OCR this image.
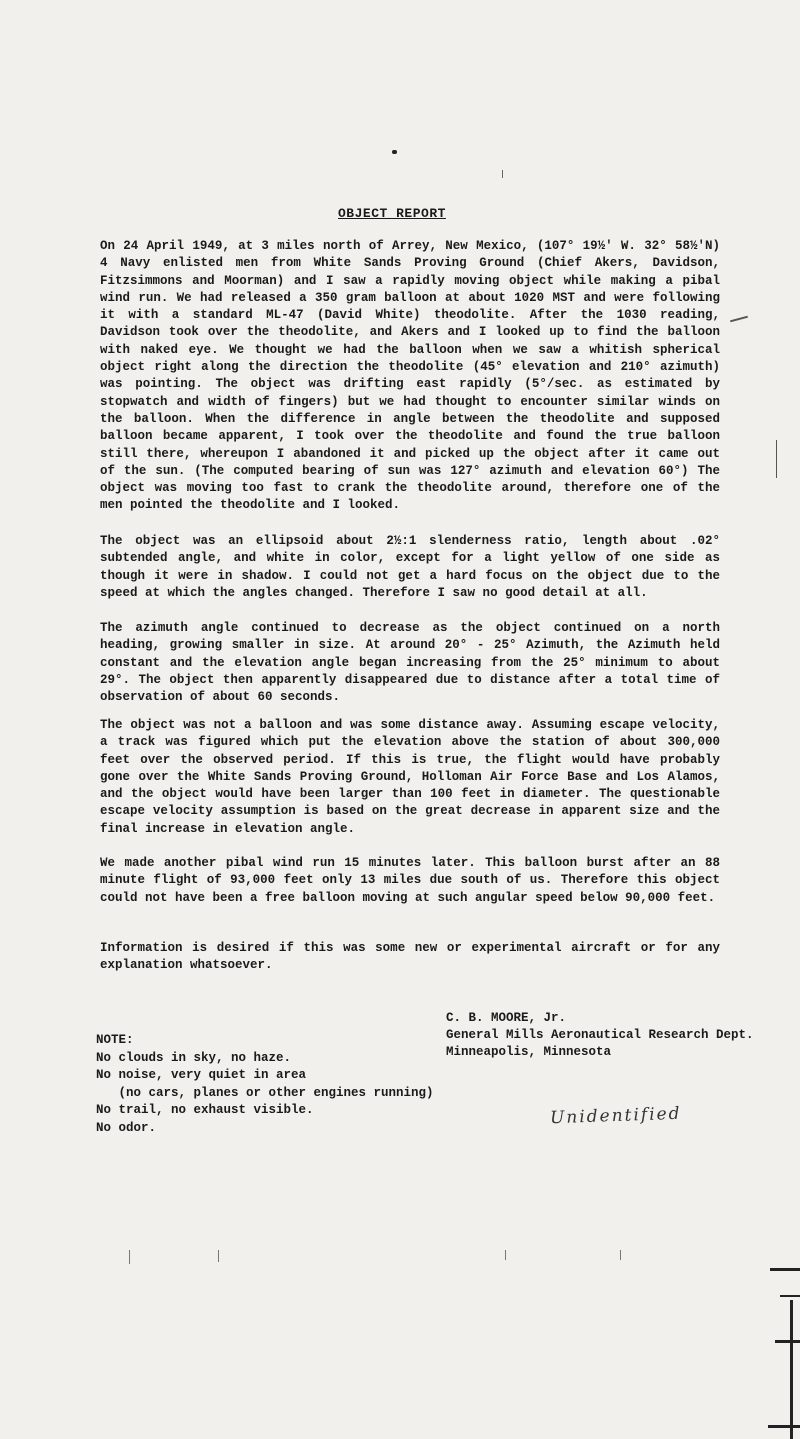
OBJECT REPORT

On 24 April 1949, at 3 miles north of Arrey, New Mexico, (107° 19½' W. 32° 58½'N) 4 Navy enlisted men from White Sands Proving Ground (Chief Akers, Davidson, Fitzsimmons and Moorman) and I saw a rapidly moving object while making a pibal wind run. We had released a 350 gram balloon at about 1020 MST and were following it with a standard ML-47 (David White) theodolite. After the 1030 reading, Davidson took over the theodolite, and Akers and I looked up to find the balloon with naked eye. We thought we had the balloon when we saw a whitish spherical object right along the direction the theodolite (45° elevation and 210° azimuth) was pointing. The object was drifting east rapidly (5°/sec. as estimated by stopwatch and width of fingers) but we had thought to encounter similar winds on the balloon. When the difference in angle between the theodolite and supposed balloon became apparent, I took over the theodolite and found the true balloon still there, whereupon I abandoned it and picked up the object after it came out of the sun. (The computed bearing of sun was 127° azimuth and elevation 60°) The object was moving too fast to crank the theodolite around, therefore one of the men pointed the theodolite and I looked.

The object was an ellipsoid about 2½:1 slenderness ratio, length about .02° subtended angle, and white in color, except for a light yellow of one side as though it were in shadow. I could not get a hard focus on the object due to the speed at which the angles changed. Therefore I saw no good detail at all.

The azimuth angle continued to decrease as the object continued on a north heading, growing smaller in size. At around 20° - 25° Azimuth, the Azimuth held constant and the elevation angle began increasing from the 25° minimum to about 29°. The object then apparently disappeared due to distance after a total time of observation of about 60 seconds.

The object was not a balloon and was some distance away. Assuming escape velocity, a track was figured which put the elevation above the station of about 300,000 feet over the observed period. If this is true, the flight would have probably gone over the White Sands Proving Ground, Holloman Air Force Base and Los Alamos, and the object would have been larger than 100 feet in diameter. The questionable escape velocity assumption is based on the great decrease in apparent size and the final increase in elevation angle.

We made another pibal wind run 15 minutes later. This balloon burst after an 88 minute flight of 93,000 feet only 13 miles due south of us. Therefore this object could not have been a free balloon moving at such angular speed below 90,000 feet.

Information is desired if this was some new or experimental aircraft or for any explanation whatsoever.

C. B. MOORE, Jr.
General Mills Aeronautical Research Dept.
Minneapolis, Minnesota
NOTE:
No clouds in sky, no haze.
No noise, very quiet in area
(no cars, planes or other engines running)
No trail, no exhaust visible.
No odor.	Unidentified
